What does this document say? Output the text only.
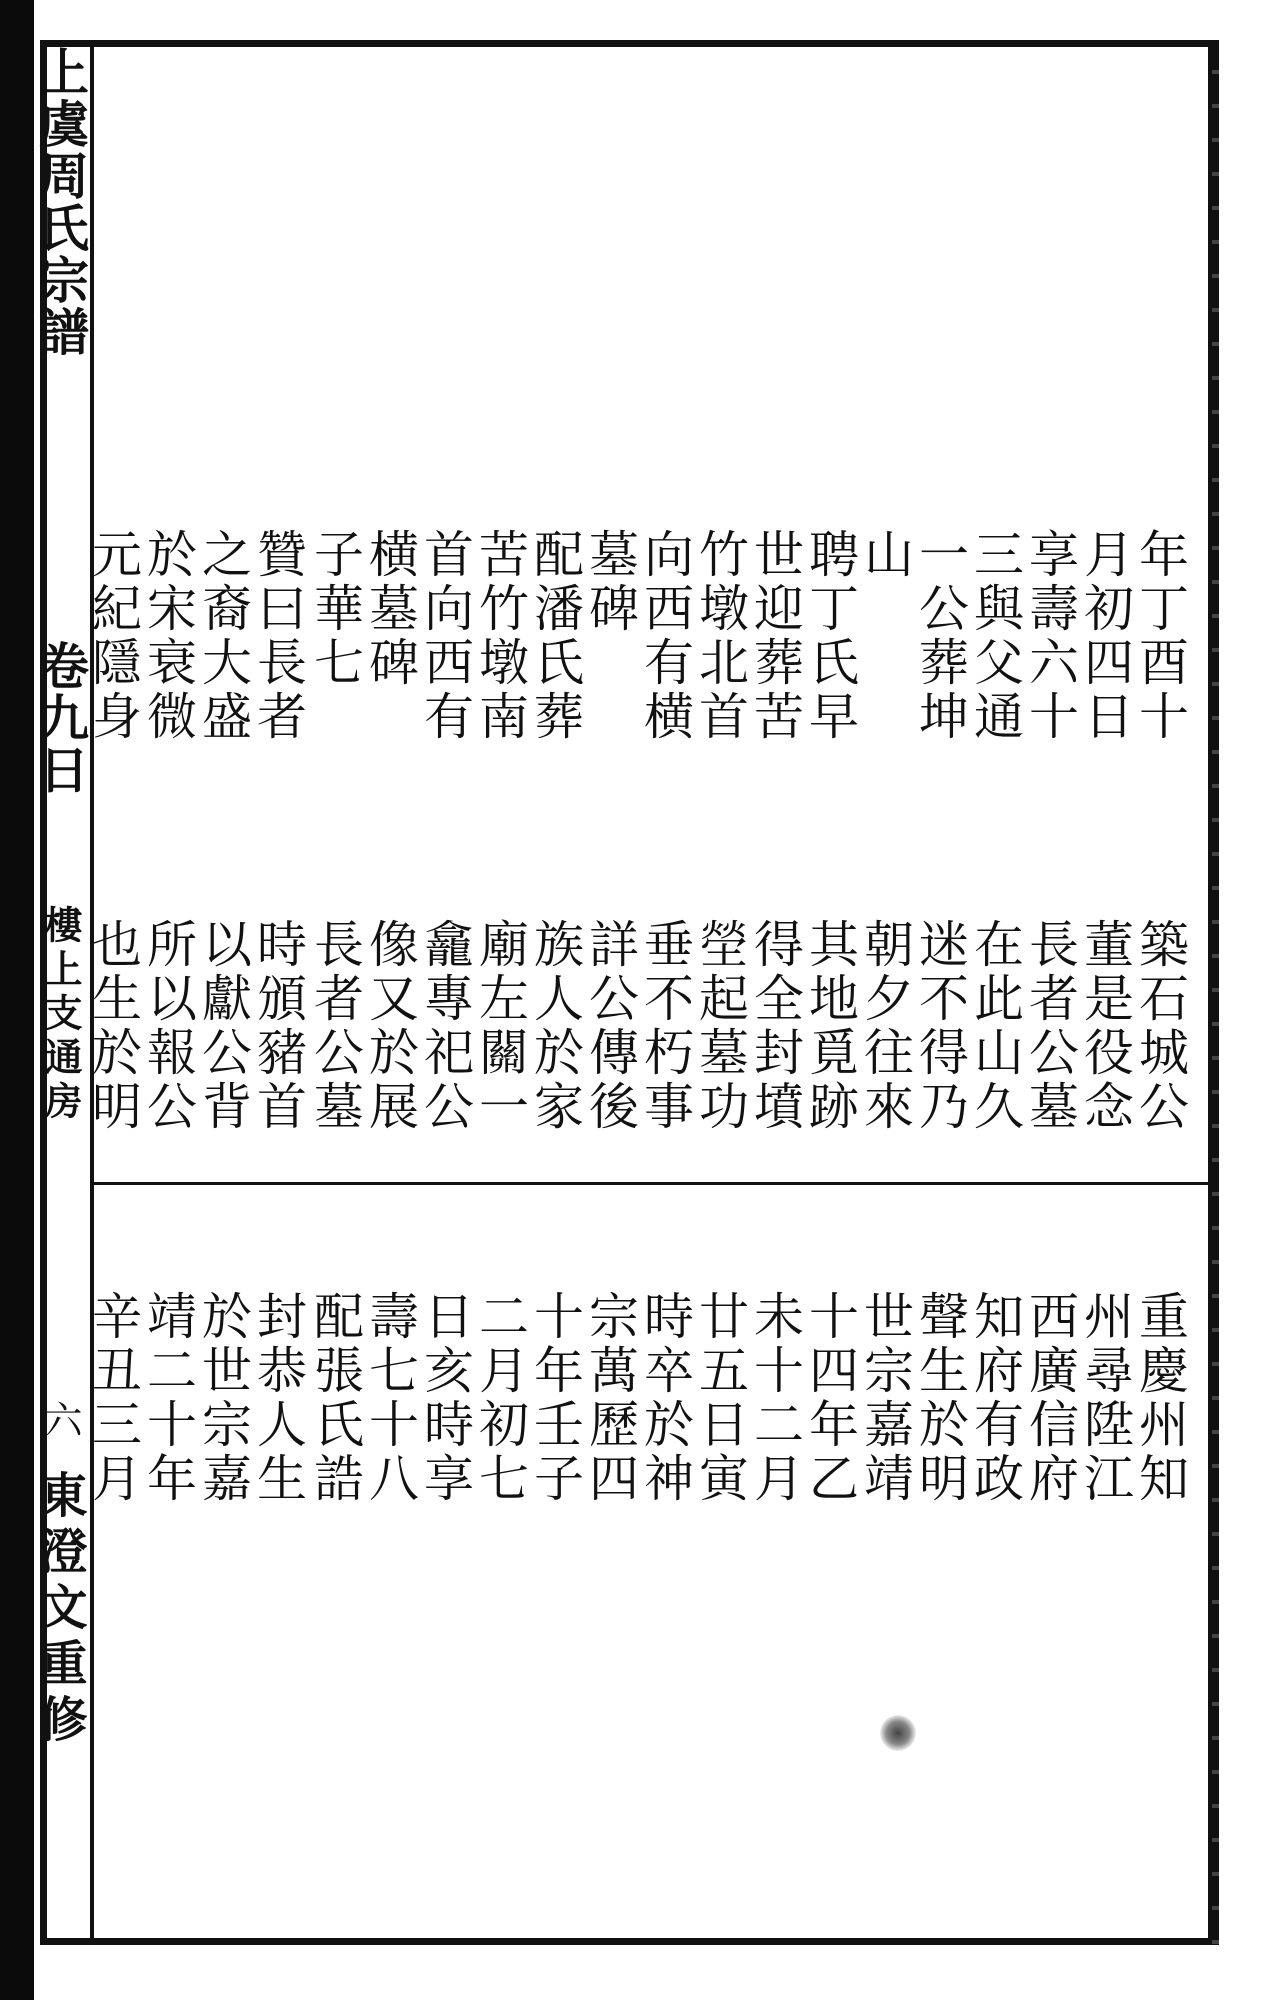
上虞周氏宗譜
卷九日
樓上支通房
六
東澄文重修
年丁酉十
月初四日
享壽六十
三與父通
一公葬坤
山
聘丁氏早
世迎葬苦
竹墩北首
向西有横
墓碑
配潘氏葬
苦竹墩南
首向西有
横墓碑
子華七
贊曰長者
之裔大盛
於宋衰微
元紀隱身
築石城公
董是役念
長者公墓
在此山久
迷不得乃
朝夕往來
其地覓跡
得全封墳
塋起墓功
垂不朽事
詳公傳後
族人於家
廟左關一
龕專祀公
像又於展
長者公墓
時頒豬首
以獻公背
所以報公
也生於明
重慶州知
州尋陞江
西廣信府
知府有政
聲生於明
世宗嘉靖
十四年乙
未十二月
廿五日寅
時卒於神
宗萬歷四
十年壬子
二月初七
日亥時享
壽七十八
配張氏誥
封恭人生
於世宗嘉
靖二十年
辛丑三月
